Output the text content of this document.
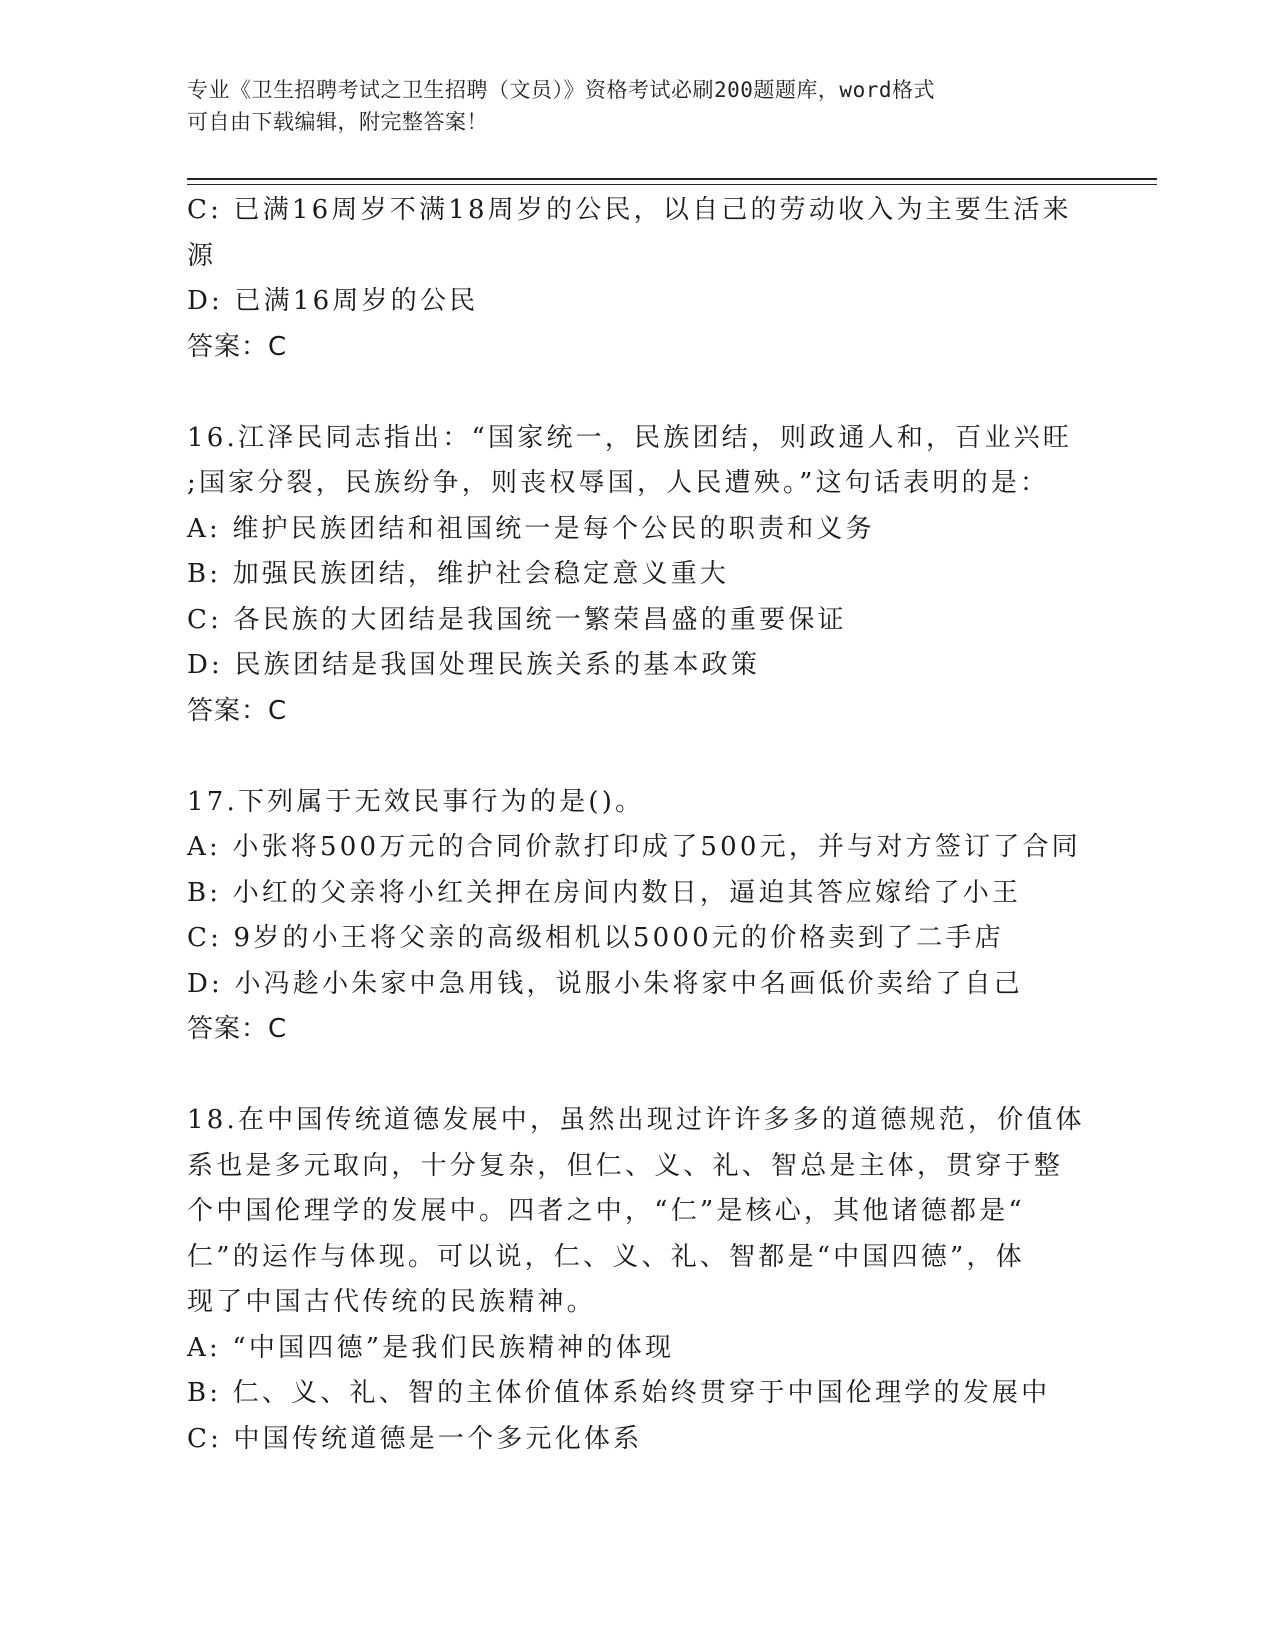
专业《卫生招聘考试之卫生招聘（文员）》资格考试必刷200题题库，word格式
可自由下载编辑，附完整答案！
C: 已满16周岁不满18周岁的公民，以自己的劳动收入为主要生活来
源
D: 已满16周岁的公民
答案：C
16.江泽民同志指出：“国家统一，民族团结，则政通人和，百业兴旺
;国家分裂，民族纷争，则丧权辱国，人民遭殃。”这句话表明的是：
A: 维护民族团结和祖国统一是每个公民的职责和义务
B: 加强民族团结，维护社会稳定意义重大
C: 各民族的大团结是我国统一繁荣昌盛的重要保证
D: 民族团结是我国处理民族关系的基本政策
答案：C
17.下列属于无效民事行为的是()。
A: 小张将500万元的合同价款打印成了500元，并与对方签订了合同
B: 小红的父亲将小红关押在房间内数日，逼迫其答应嫁给了小王
C: 9岁的小王将父亲的高级相机以5000元的价格卖到了二手店
D: 小冯趁小朱家中急用钱，说服小朱将家中名画低价卖给了自己
答案：C
18.在中国传统道德发展中，虽然出现过许许多多的道德规范，价值体
系也是多元取向，十分复杂，但仁、义、礼、智总是主体，贯穿于整
个中国伦理学的发展中。四者之中，“仁”是核心，其他诸德都是“
仁”的运作与体现。可以说，仁、义、礼、智都是“中国四德”，体
现了中国古代传统的民族精神。
A: “中国四德”是我们民族精神的体现
B: 仁、义、礼、智的主体价值体系始终贯穿于中国伦理学的发展中
C: 中国传统道德是一个多元化体系
